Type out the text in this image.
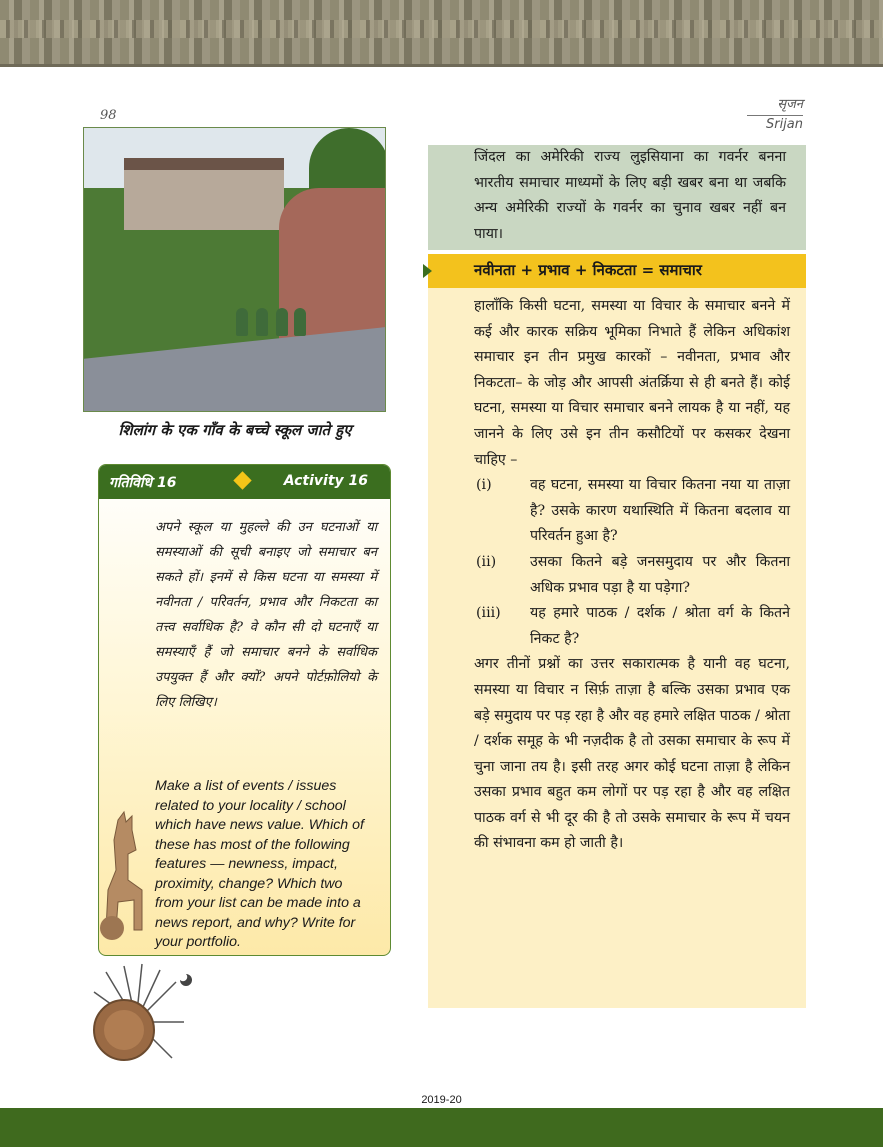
98
सृजन
Srijan
शिलांग के एक गाँव के बच्चे स्कूल जाते हुए
गतिविधि 16	Activity 16
अपने स्कूल या मुहल्ले की उन घटनाओं या समस्याओं की सूची बनाइए जो समाचार बन सकते हों। इनमें से किस घटना या समस्या में नवीनता / परिवर्तन, प्रभाव और निकटता का तत्त्व सर्वाधिक है? वे कौन सी दो घटनाएँ या समस्याएँ हैं जो समाचार बनने के सर्वाधिक उपयुक्त हैं और क्यों? अपने पोर्टफ़ोलियो के लिए लिखिए।
Make a list of events / issues related to your locality / school which have news value. Which of these has most of the following features — newness, impact, proximity, change? Which two from your list can be made into a news report, and why? Write for your portfolio.
जिंदल का अमेरिकी राज्य लुइसियाना का गवर्नर बनना भारतीय समाचार माध्यमों के लिए बड़ी खबर बना था जबकि अन्य अमेरिकी राज्यों के गवर्नर का चुनाव खबर नहीं बन पाया।
नवीनता + प्रभाव + निकटता = समाचार

हालाँकि किसी घटना, समस्या या विचार के समाचार बनने में कई और कारक सक्रिय भूमिका निभाते हैं लेकिन अधिकांश समाचार इन तीन प्रमुख कारकों – नवीनता, प्रभाव और निकटता– के जोड़ और आपसी अंतर्क्रिया से ही बनते हैं। कोई घटना, समस्या या विचार समाचार बनने लायक है या नहीं, यह जानने के लिए उसे इन तीन कसौटियों पर कसकर देखना चाहिए –

(i)	वह घटना, समस्या या विचार कितना नया या ताज़ा है? उसके कारण यथास्थिति में कितना बदलाव या परिवर्तन हुआ है?
(ii)	उसका कितने बड़े जनसमुदाय पर और कितना अधिक प्रभाव पड़ा है या पड़ेगा?
(iii)	यह हमारे पाठक / दर्शक / श्रोता वर्ग के कितने निकट है?

अगर तीनों प्रश्नों का उत्तर सकारात्मक है यानी वह घटना, समस्या या विचार न सिर्फ़ ताज़ा है बल्कि उसका प्रभाव एक बड़े समुदाय पर पड़ रहा है और वह हमारे लक्षित पाठक / श्रोता / दर्शक समूह के भी नज़दीक है तो उसका समाचार के रूप में चुना जाना तय है। इसी तरह अगर कोई घटना ताज़ा है लेकिन उसका प्रभाव बहुत कम लोगों पर पड़ रहा है और वह लक्षित पाठक वर्ग से भी दूर की है तो उसके समाचार के रूप में चयन की संभावना कम हो जाती है।

2019-20
